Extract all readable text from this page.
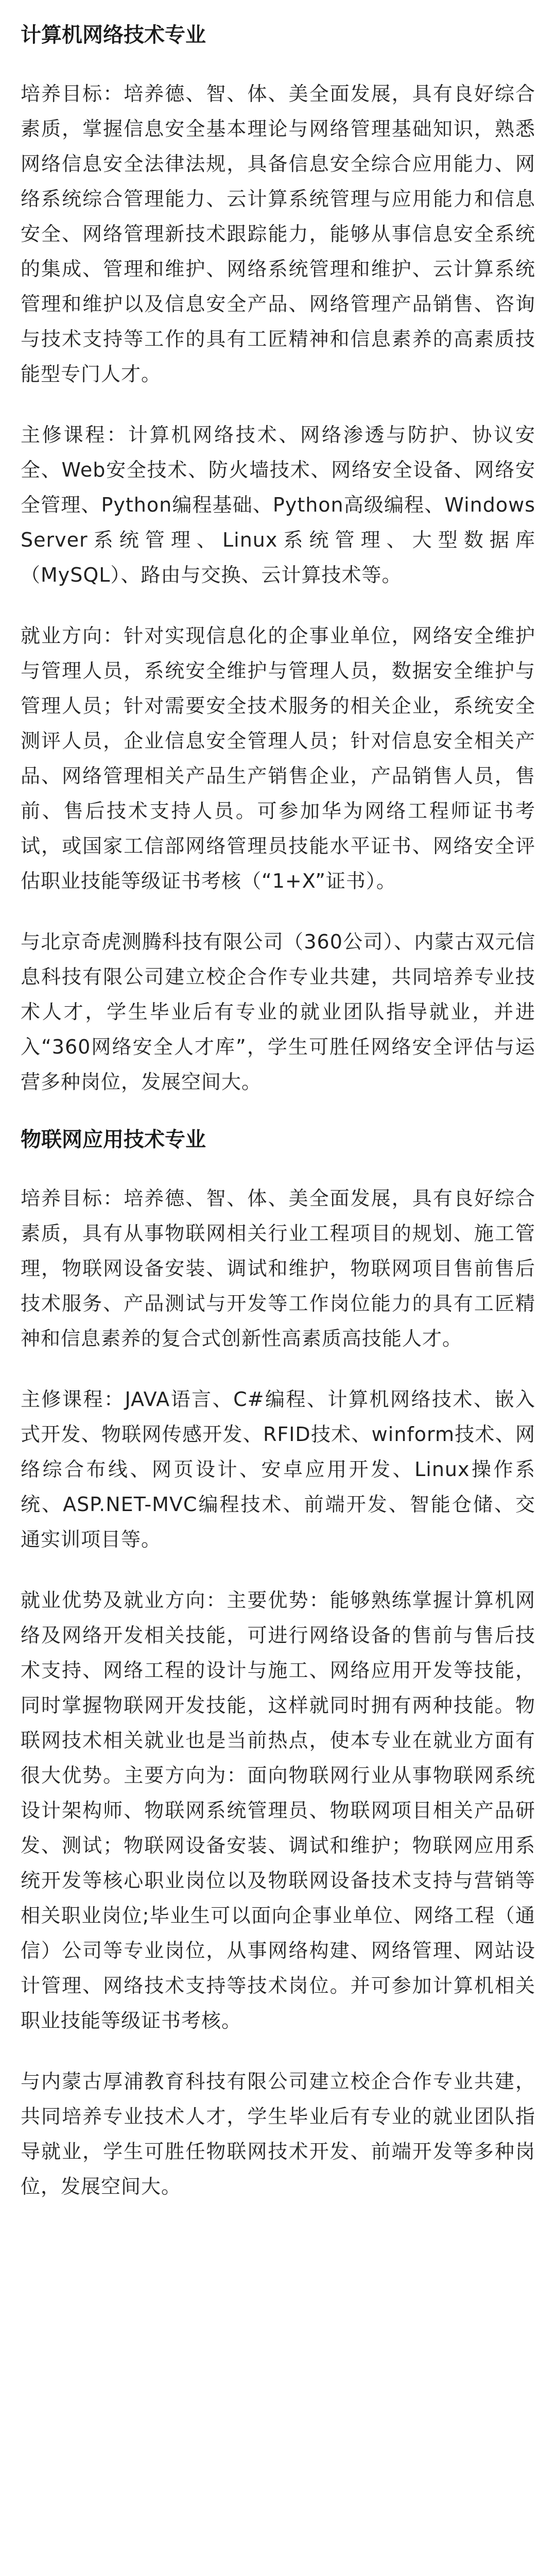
计算机网络技术专业

培养目标：培养德、智、体、美全面发展，具有良好综合素质，掌握信息安全基本理论与网络管理基础知识，熟悉网络信息安全法律法规，具备信息安全综合应用能力、网络系统综合管理能力、云计算系统管理与应用能力和信息安全、网络管理新技术跟踪能力，能够从事信息安全系统的集成、管理和维护、网络系统管理和维护、云计算系统管理和维护以及信息安全产品、网络管理产品销售、咨询与技术支持等工作的具有工匠精神和信息素养的高素质技能型专门人才。

主修课程：计算机网络技术、网络渗透与防护、协议安全、Web安全技术、防火墙技术、网络安全设备、网络安全管理、Python编程基础、Python高级编程、Windows Server系统管理、Linux系统管理、大型数据库（MySQL）、路由与交换、云计算技术等。

就业方向：针对实现信息化的企事业单位，网络安全维护与管理人员，系统安全维护与管理人员，数据安全维护与管理人员；针对需要安全技术服务的相关企业，系统安全测评人员，企业信息安全管理人员；针对信息安全相关产品、网络管理相关产品生产销售企业，产品销售人员，售前、售后技术支持人员。可参加华为网络工程师证书考试，或国家工信部网络管理员技能水平证书、网络安全评估职业技能等级证书考核（“1+X”证书）。

与北京奇虎测腾科技有限公司（360公司）、内蒙古双元信息科技有限公司建立校企合作专业共建，共同培养专业技术人才，学生毕业后有专业的就业团队指导就业，并进入“360网络安全人才库”，学生可胜任网络安全评估与运营多种岗位，发展空间大。

物联网应用技术专业

培养目标：培养德、智、体、美全面发展，具有良好综合素质，具有从事物联网相关行业工程项目的规划、施工管理，物联网设备安装、调试和维护，物联网项目售前售后技术服务、产品测试与开发等工作岗位能力的具有工匠精神和信息素养的复合式创新性高素质高技能人才。

主修课程：JAVA语言、C#编程、计算机网络技术、嵌入式开发、物联网传感开发、RFID技术、winform技术、网络综合布线、网页设计、安卓应用开发、Linux操作系统、ASP.NET-MVC编程技术、前端开发、智能仓储、交通实训项目等。

就业优势及就业方向：主要优势：能够熟练掌握计算机网络及网络开发相关技能，可进行网络设备的售前与售后技术支持、网络工程的设计与施工、网络应用开发等技能，同时掌握物联网开发技能，这样就同时拥有两种技能。物联网技术相关就业也是当前热点，使本专业在就业方面有很大优势。主要方向为：面向物联网行业从事物联网系统设计架构师、物联网系统管理员、物联网项目相关产品研发、测试；物联网设备安装、调试和维护；物联网应用系统开发等核心职业岗位以及物联网设备技术支持与营销等相关职业岗位;毕业生可以面向企事业单位、网络工程（通信）公司等专业岗位，从事网络构建、网络管理、网站设计管理、网络技术支持等技术岗位。并可参加计算机相关职业技能等级证书考核。

与内蒙古厚浦教育科技有限公司建立校企合作专业共建，共同培养专业技术人才，学生毕业后有专业的就业团队指导就业，学生可胜任物联网技术开发、前端开发等多种岗位，发展空间大。
